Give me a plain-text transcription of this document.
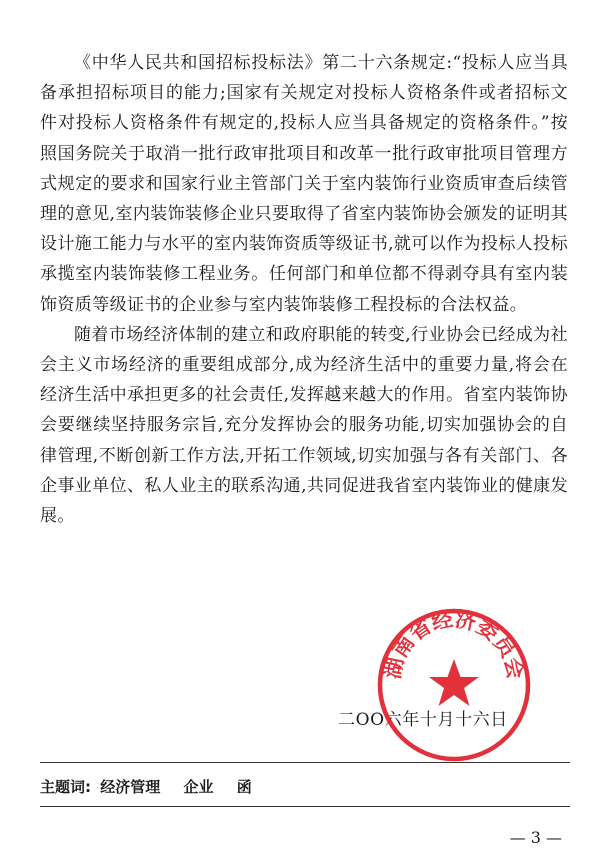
《中华人民共和国招标投标法》第二十六条规定:“投标人应当具备承担招标项目的能力;国家有关规定对投标人资格条件或者招标文件对投标人资格条件有规定的,投标人应当具备规定的资格条件。”按照国务院关于取消一批行政审批项目和改革一批行政审批项目管理方式规定的要求和国家行业主管部门关于室内装饰行业资质审查后续管理的意见,室内装饰装修企业只要取得了省室内装饰协会颁发的证明其设计施工能力与水平的室内装饰资质等级证书,就可以作为投标人投标承揽室内装饰装修工程业务。任何部门和单位都不得剥夺具有室内装饰资质等级证书的企业参与室内装饰装修工程投标的合法权益。

随着市场经济体制的建立和政府职能的转变,行业协会已经成为社会主义市场经济的重要组成部分,成为经济生活中的重要力量,将会在经济生活中承担更多的社会责任,发挥越来越大的作用。省室内装饰协会要继续坚持服务宗旨,充分发挥协会的服务功能,切实加强协会的自律管理,不断创新工作方法,开拓工作领域,切实加强与各有关部门、各企事业单位、私人业主的联系沟通,共同促进我省室内装饰业的健康发展。

二OO六年十月十六日
湖南省经济委员会
主题词: 经济管理 企业 函
— 3 —
